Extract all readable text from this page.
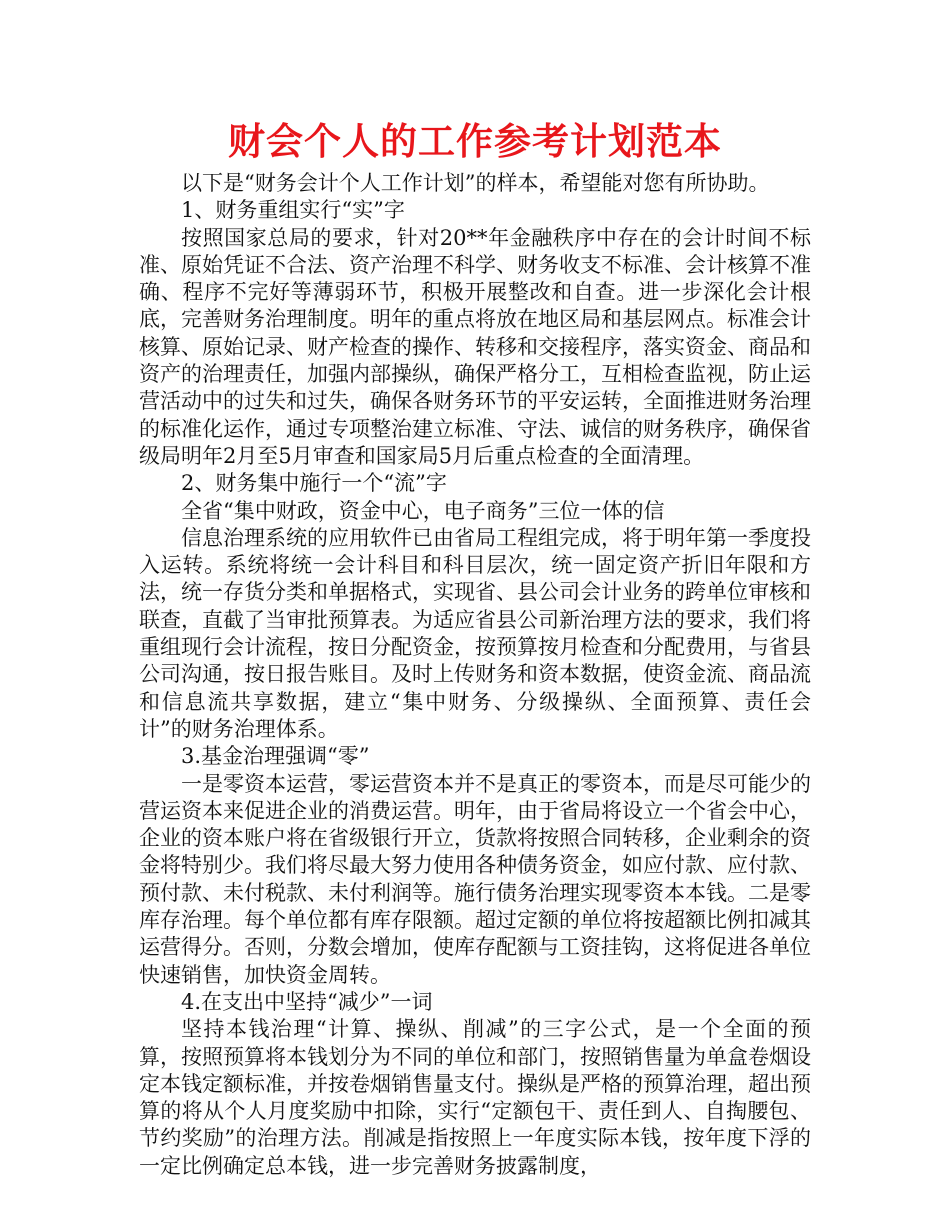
财会个人的工作参考计划范本

以下是“财务会计个人工作计划”的样本，希望能对您有所协助。

1、财务重组实行“实”字

按照国家总局的要求，针对20**年金融秩序中存在的会计时间不标准、原始凭证不合法、资产治理不科学、财务收支不标准、会计核算不准确、程序不完好等薄弱环节，积极开展整改和自查。进一步深化会计根底，完善财务治理制度。明年的重点将放在地区局和基层网点。标准会计核算、原始记录、财产检查的操作、转移和交接程序，落实资金、商品和资产的治理责任，加强内部操纵，确保严格分工，互相检查监视，防止运营活动中的过失和过失，确保各财务环节的平安运转，全面推进财务治理的标准化运作，通过专项整治建立标准、守法、诚信的财务秩序，确保省级局明年2月至5月审查和国家局5月后重点检查的全面清理。

2、财务集中施行一个“流”字

全省“集中财政，资金中心，电子商务”三位一体的信

信息治理系统的应用软件已由省局工程组完成，将于明年第一季度投入运转。系统将统一会计科目和科目层次，统一固定资产折旧年限和方法，统一存货分类和单据格式，实现省、县公司会计业务的跨单位审核和联查，直截了当审批预算表。为适应省县公司新治理方法的要求，我们将重组现行会计流程，按日分配资金，按预算按月检查和分配费用，与省县公司沟通，按日报告账目。及时上传财务和资本数据，使资金流、商品流和信息流共享数据，建立“集中财务、分级操纵、全面预算、责任会计”的财务治理体系。

3.基金治理强调“零”

一是零资本运营，零运营资本并不是真正的零资本，而是尽可能少的营运资本来促进企业的消费运营。明年，由于省局将设立一个省会中心，企业的资本账户将在省级银行开立，货款将按照合同转移，企业剩余的资金将特别少。我们将尽最大努力使用各种债务资金，如应付款、应付款、预付款、未付税款、未付利润等。施行债务治理实现零资本本钱。二是零库存治理。每个单位都有库存限额。超过定额的单位将按超额比例扣减其运营得分。否则，分数会增加，使库存配额与工资挂钩，这将促进各单位快速销售，加快资金周转。

4.在支出中坚持“减少”一词

坚持本钱治理“计算、操纵、削减”的三字公式，是一个全面的预算，按照预算将本钱划分为不同的单位和部门，按照销售量为单盒卷烟设定本钱定额标准，并按卷烟销售量支付。操纵是严格的预算治理，超出预算的将从个人月度奖励中扣除，实行“定额包干、责任到人、自掏腰包、节约奖励”的治理方法。削减是指按照上一年度实际本钱，按年度下浮的一定比例确定总本钱，进一步完善财务披露制度，
